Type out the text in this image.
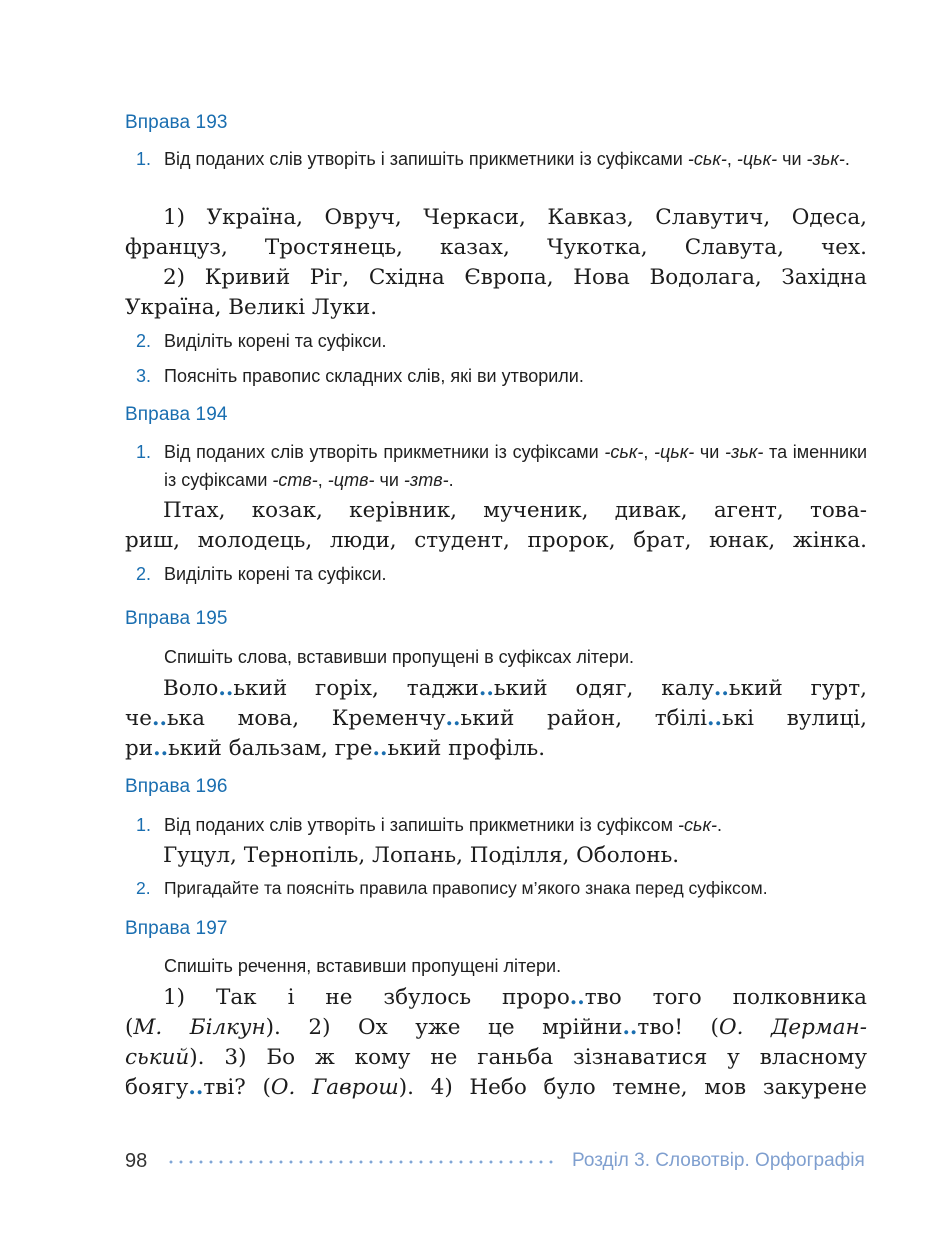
Вправа 193
1. Від поданих слів утворіть і запишіть прикметники із суфіксами -ськ-, -цьк- чи -зьк-.
1) Україна, Овруч, Черкаси, Кавказ, Славутич, Одеса,
француз, Тростянець, казах, Чукотка, Славута, чех.
2) Кривий Ріг, Східна Європа, Нова Водолага, Західна
Україна, Великі Луки.
2. Виділіть корені та суфікси.
3. Поясніть правопис складних слів, які ви утворили.
Вправа 194
1. Від поданих слів утворіть прикметники із суфіксами -ськ-, -цьк- чи -зьк- та іменники із суфіксами -ств-, -цтв- чи -зтв-.
Птах, козак, керівник, мученик, дивак, агент, това-
риш, молодець, люди, студент, пророк, брат, юнак, жінка.
2. Виділіть корені та суфікси.
Вправа 195
Спишіть слова, вставивши пропущені в суфіксах літери.
Воло..ький горіх, таджи..ький одяг, калу..ький гурт,
че..ька мова, Кременчу..ький район, тбілі..ькі вулиці,
ри..ький бальзам, гре..ький профіль.
Вправа 196
1. Від поданих слів утворіть і запишіть прикметники із суфіксом -ськ-.
Гуцул, Тернопіль, Лопань, Поділля, Оболонь.
2. Пригадайте та поясніть правила правопису м’якого знака перед суфіксом.
Вправа 197
Спишіть речення, вставивши пропущені літери.
1) Так і не збулось проро..тво того полковника
(М. Білкун). 2) Ох уже це мрійни..тво! (О. Дерман-
ський). 3) Бо ж кому не ганьба зізнаватися у власному
боягу..тві? (О. Гаврош). 4) Небо було темне, мов закурене
98	Розділ 3. Словотвір. Орфографія
